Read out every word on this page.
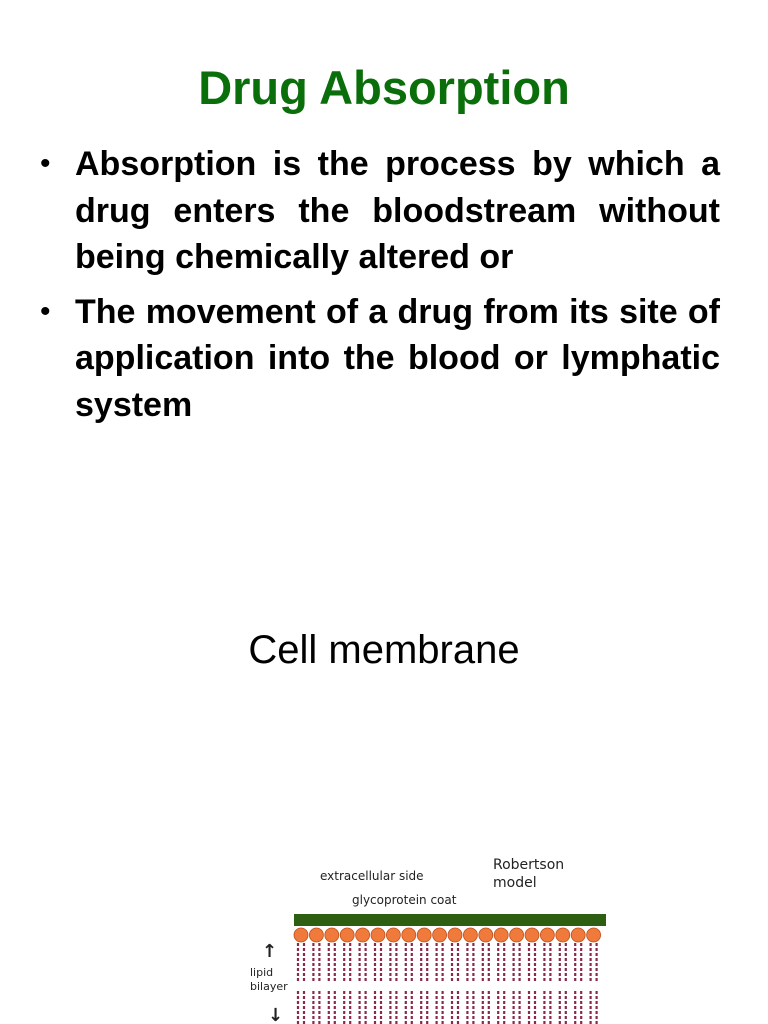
Drug Absorption
• Absorption is the process by which a drug enters the bloodstream without being chemically altered or
• The movement of a drug from its site of application into the blood or lymphatic system
Cell membrane
extracellular side
Robertson
model
glycoprotein coat
↑
lipid
bilayer
↓
